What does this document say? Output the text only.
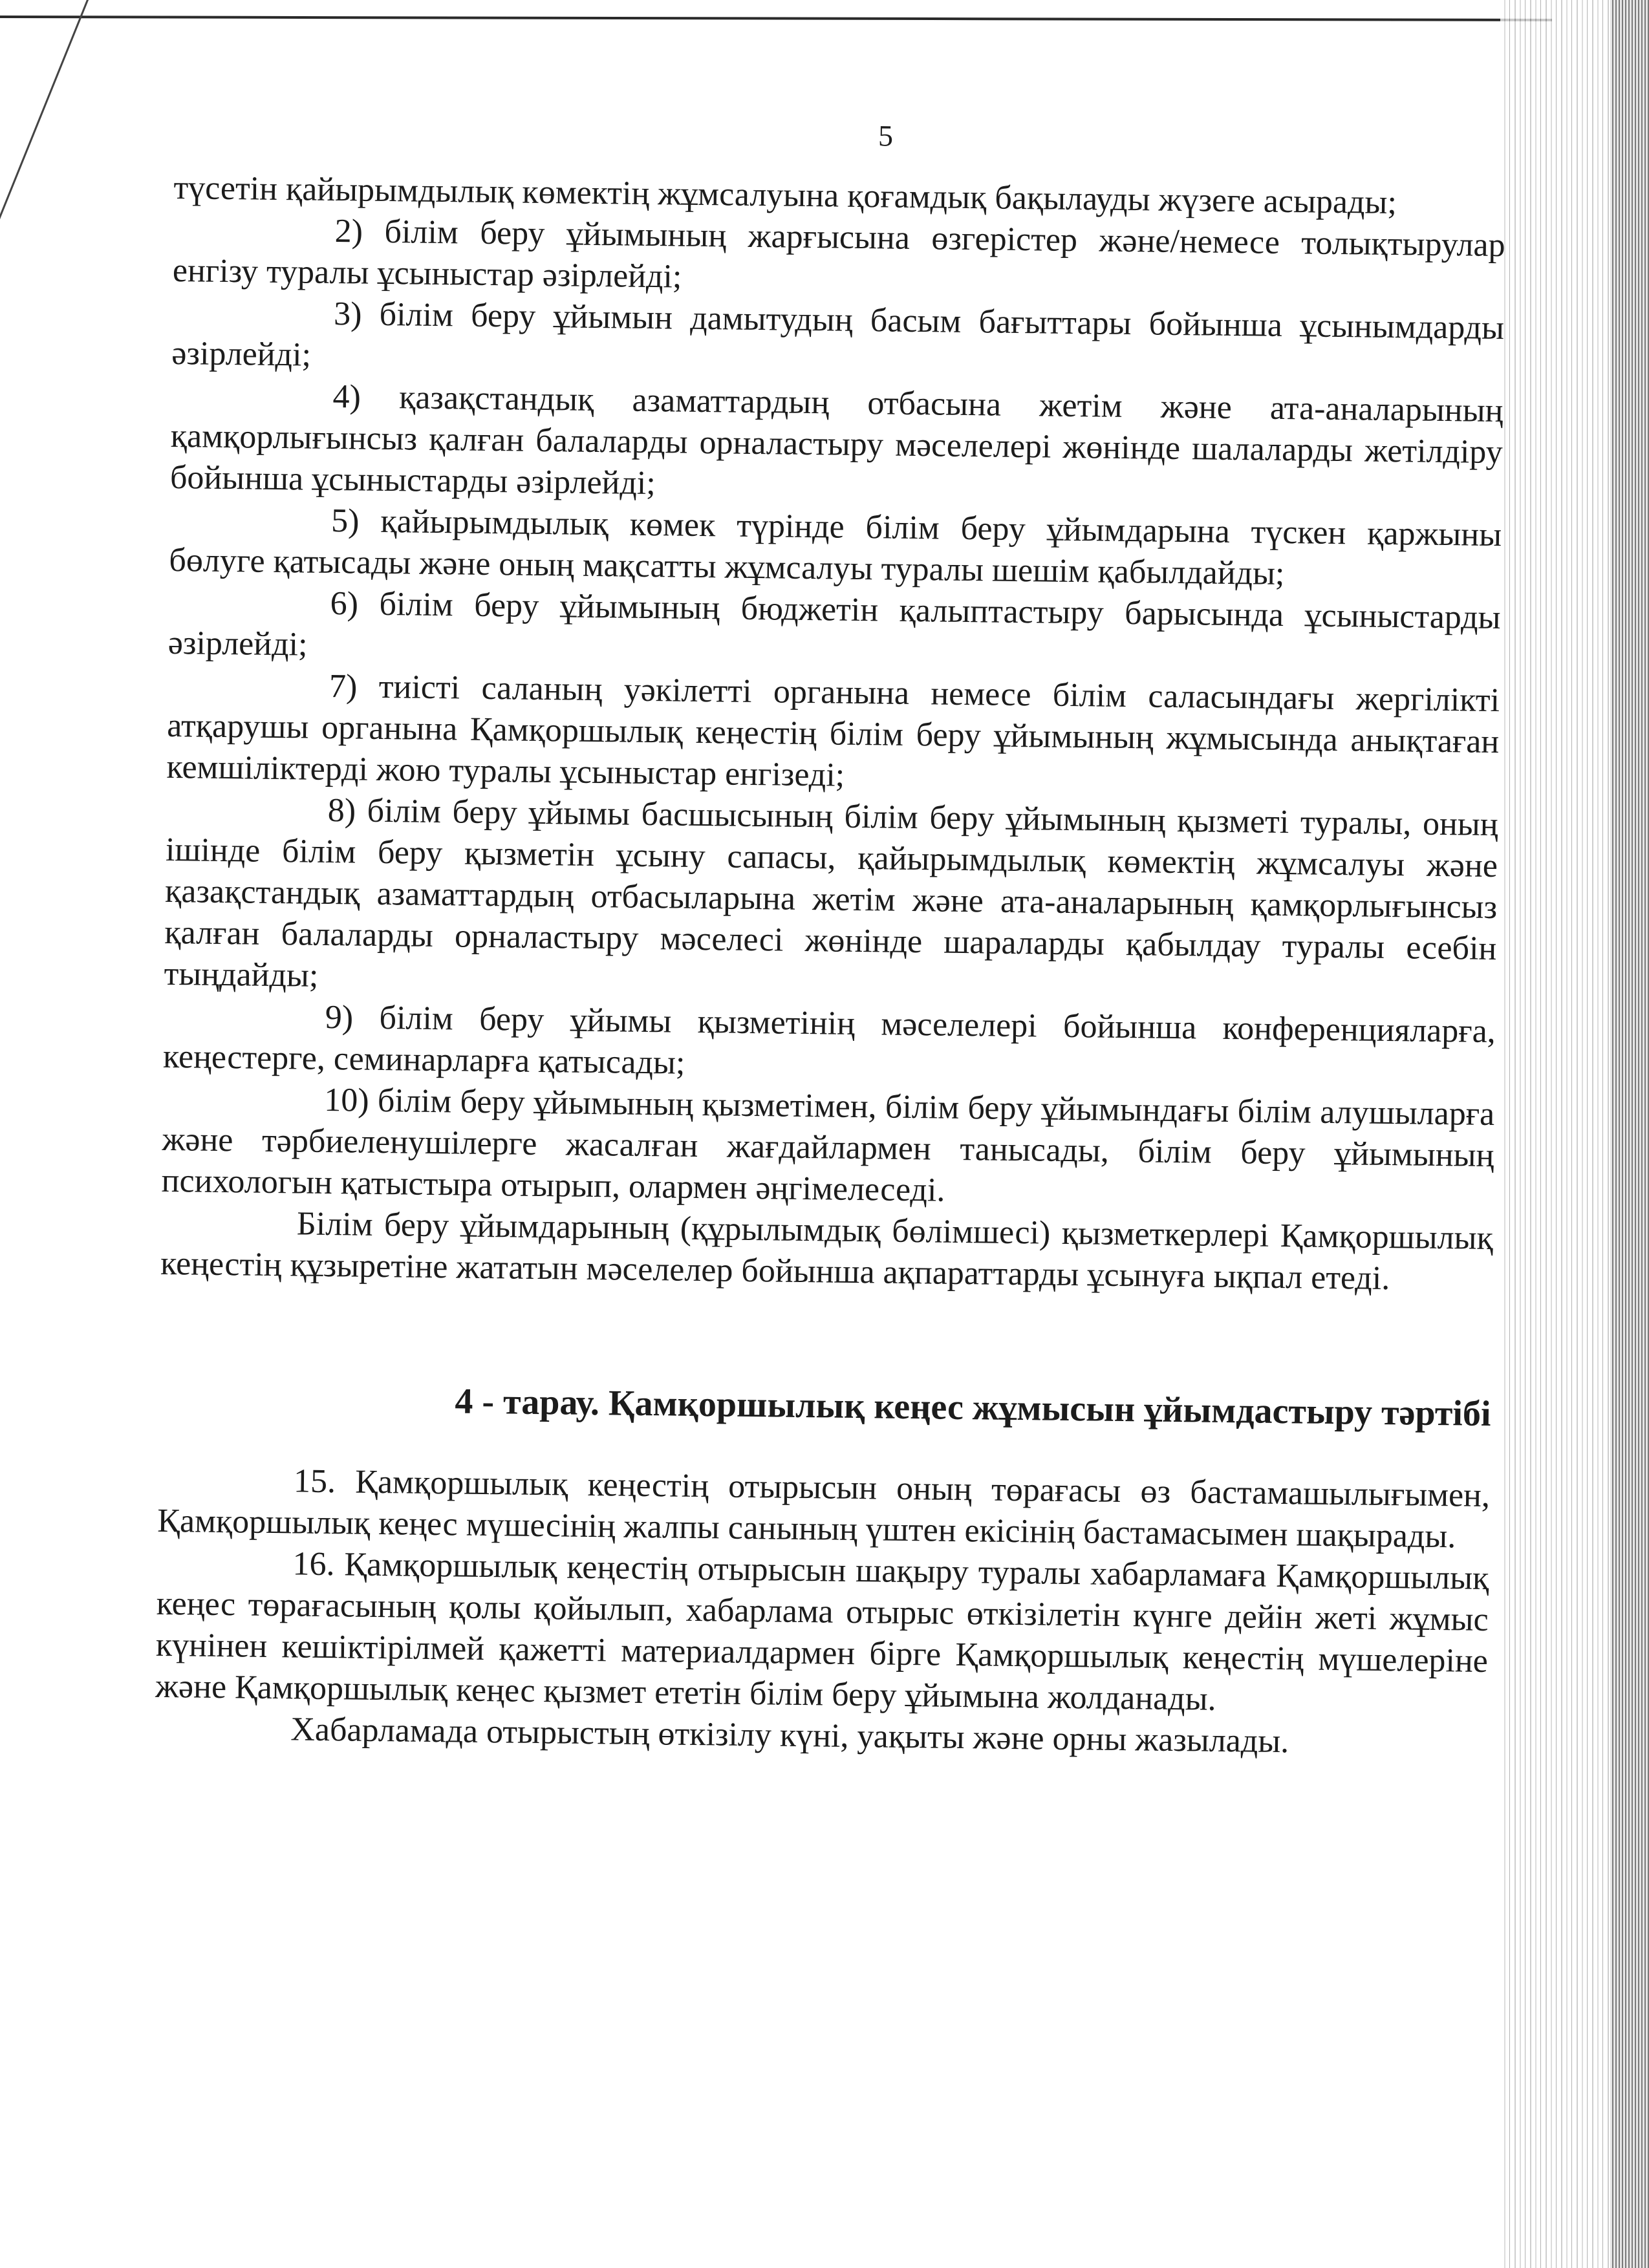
5

түсетін қайырымдылық көмектің жұмсалуына қоғамдық бақылауды жүзеге асырады;

2) білім беру ұйымының жарғысына өзгерістер және/немесе толықтырулар енгізу туралы ұсыныстар әзірлейді;

3) білім беру ұйымын дамытудың басым бағыттары бойынша ұсынымдарды әзірлейді;

4) қазақстандық азаматтардың отбасына жетім және ата-аналарының қамқорлығынсыз қалған балаларды орналастыру мәселелері жөнінде шалаларды жетілдіру бойынша ұсыныстарды әзірлейді;

5) қайырымдылық көмек түрінде білім беру ұйымдарына түскен қаржыны бөлуге қатысады және оның мақсатты жұмсалуы туралы шешім қабылдайды;

6) білім беру ұйымының бюджетін қалыптастыру барысында ұсыныстарды әзірлейді;

7) тиісті саланың уәкілетті органына немесе білім саласындағы жергілікті атқарушы органына Қамқоршылық кеңестің білім беру ұйымының жұмысында анықтаған кемшіліктерді жою туралы ұсыныстар енгізеді;

8) білім беру ұйымы басшысының білім беру ұйымының қызметі туралы, оның ішінде білім беру қызметін ұсыну сапасы, қайырымдылық көмектің жұмсалуы және қазақстандық азаматтардың отбасыларына жетім және ата-аналарының қамқорлығынсыз қалған балаларды орналастыру мәселесі жөнінде шараларды қабылдау туралы есебін тыңдайды;

9) білім беру ұйымы қызметінің мәселелері бойынша конференцияларға, кеңестерге, семинарларға қатысады;

10) білім беру ұйымының қызметімен, білім беру ұйымындағы білім алушыларға және тәрбиеленушілерге жасалған жағдайлармен танысады, білім беру ұйымының психологын қатыстыра отырып, олармен әңгімелеседі.

Білім беру ұйымдарының (құрылымдық бөлімшесі) қызметкерлері Қамқоршылық кеңестің құзыретіне жататын мәселелер бойынша ақпараттарды ұсынуға ықпал етеді.

4 - тарау. Қамқоршылық кеңес жұмысын ұйымдастыру тәртібі

15. Қамқоршылық кеңестің отырысын оның төрағасы өз бастамашылығымен, Қамқоршылық кеңес мүшесінің жалпы санының үштен екісінің бастамасымен шақырады.

16. Қамқоршылық кеңестің отырысын шақыру туралы хабарламаға Қамқоршылық кеңес төрағасының қолы қойылып, хабарлама отырыс өткізілетін күнге дейін жеті жұмыс күнінен кешіктірілмей қажетті материалдармен бірге Қамқоршылық кеңестің мүшелеріне және Қамқоршылық кеңес қызмет ететін білім беру ұйымына жолданады.

Хабарламада отырыстың өткізілу күні, уақыты және орны жазылады.
